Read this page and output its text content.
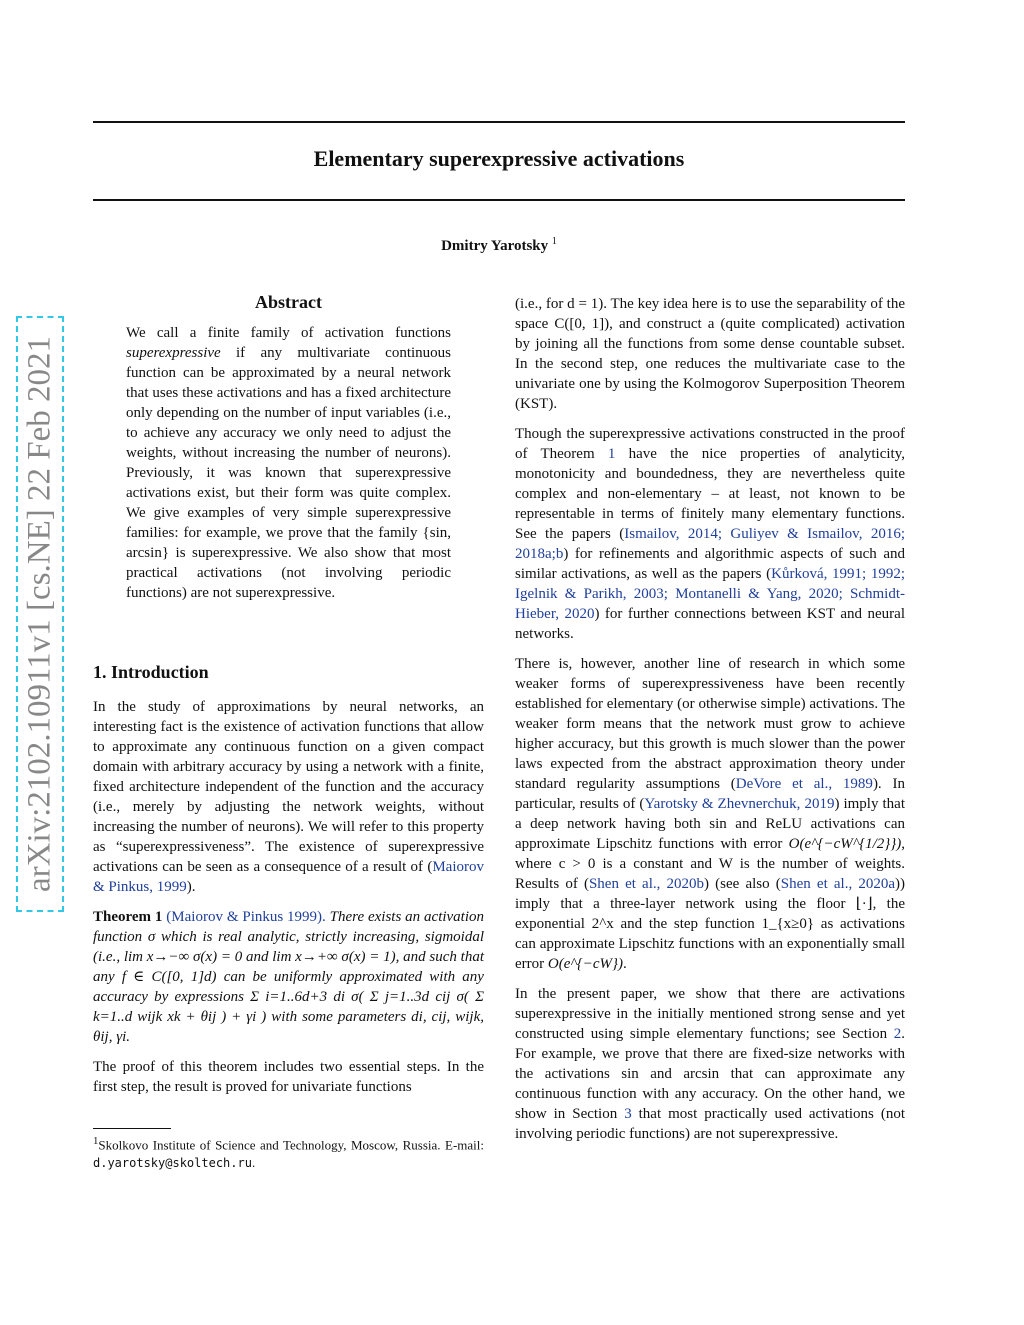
Elementary superexpressive activations
Dmitry Yarotsky $^1$
arXiv:2102.10911v1 [cs.NE] 22 Feb 2021
Abstract
We call a finite family of activation functions superexpressive if any multivariate continuous function can be approximated by a neural network that uses these activations and has a fixed architecture only depending on the number of input variables (i.e., to achieve any accuracy we only need to adjust the weights, without increasing the number of neurons). Previously, it was known that superexpressive activations exist, but their form was quite complex. We give examples of very simple superexpressive families: for example, we prove that the family {sin, arcsin} is superexpressive. We also show that most practical activations (not involving periodic functions) are not superexpressive.
1. Introduction

In the study of approximations by neural networks, an interesting fact is the existence of activation functions that allow to approximate any continuous function on a given compact domain with arbitrary accuracy by using a network with a finite, fixed architecture independent of the function and the accuracy (i.e., merely by adjusting the network weights, without increasing the number of neurons). We will refer to this property as “superexpressiveness”. The existence of superexpressive activations can be seen as a consequence of a result of (Maiorov & Pinkus, 1999).

Theorem 1 (Maiorov & Pinkus 1999). There exists an activation function σ which is real analytic, strictly increasing, sigmoidal (i.e., lim x→−∞ σ(x) = 0 and lim x→+∞ σ(x) = 1), and such that any f ∈ C([0, 1]d) can be uniformly approximated with any accuracy by expressions Σ i=1..6d+3 di σ( Σ j=1..3d cij σ( Σ k=1..d wijk xk + θij ) + γi ) with some parameters di, cij, wijk, θij, γi.

The proof of this theorem includes two essential steps. In the first step, the result is proved for univariate functions

$^1$Skolkovo Institute of Science and Technology, Moscow, Russia. E-mail: d.yarotsky@skoltech.ru.

(i.e., for d = 1). The key idea here is to use the separability of the space C([0, 1]), and construct a (quite complicated) activation by joining all the functions from some dense countable subset. In the second step, one reduces the multivariate case to the univariate one by using the Kolmogorov Superposition Theorem (KST).

Though the superexpressive activations constructed in the proof of Theorem 1 have the nice properties of analyticity, monotonicity and boundedness, they are nevertheless quite complex and non-elementary – at least, not known to be representable in terms of finitely many elementary functions. See the papers (Ismailov, 2014; Guliyev & Ismailov, 2016; 2018a;b) for refinements and algorithmic aspects of such and similar activations, as well as the papers (Kůrková, 1991; 1992; Igelnik & Parikh, 2003; Montanelli & Yang, 2020; Schmidt-Hieber, 2020) for further connections between KST and neural networks.

There is, however, another line of research in which some weaker forms of superexpressiveness have been recently established for elementary (or otherwise simple) activations. The weaker form means that the network must grow to achieve higher accuracy, but this growth is much slower than the power laws expected from the abstract approximation theory under standard regularity assumptions (DeVore et al., 1989). In particular, results of (Yarotsky & Zhevnerchuk, 2019) imply that a deep network having both sin and ReLU activations can approximate Lipschitz functions with error O(e^{−cW^{1/2}}), where c > 0 is a constant and W is the number of weights. Results of (Shen et al., 2020b) (see also (Shen et al., 2020a)) imply that a three-layer network using the floor ⌊·⌋, the exponential 2^x and the step function 1_{x≥0} as activations can approximate Lipschitz functions with an exponentially small error O(e^{−cW}).

In the present paper, we show that there are activations superexpressive in the initially mentioned strong sense and yet constructed using simple elementary functions; see Section 2. For example, we prove that there are fixed-size networks with the activations sin and arcsin that can approximate any continuous function with any accuracy. On the other hand, we show in Section 3 that most practically used activations (not involving periodic functions) are not superexpressive.
